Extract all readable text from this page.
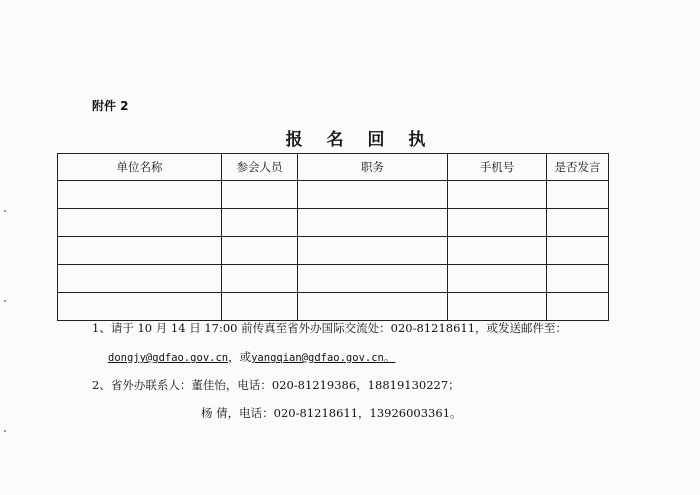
附件 2
报 名 回 执
单位名称	参会人员	职务	手机号	是否发言

1、请于 10 月 14 日 17:00 前传真至省外办国际交流处：020-81218611，或发送邮件至：
dongjy@gdfao.gov.cn，或yangqian@gdfao.gov.cn。
2、省外办联系人：董佳怡，电话：020-81219386，18819130227；
杨 倩，电话：020-81218611，13926003361。
